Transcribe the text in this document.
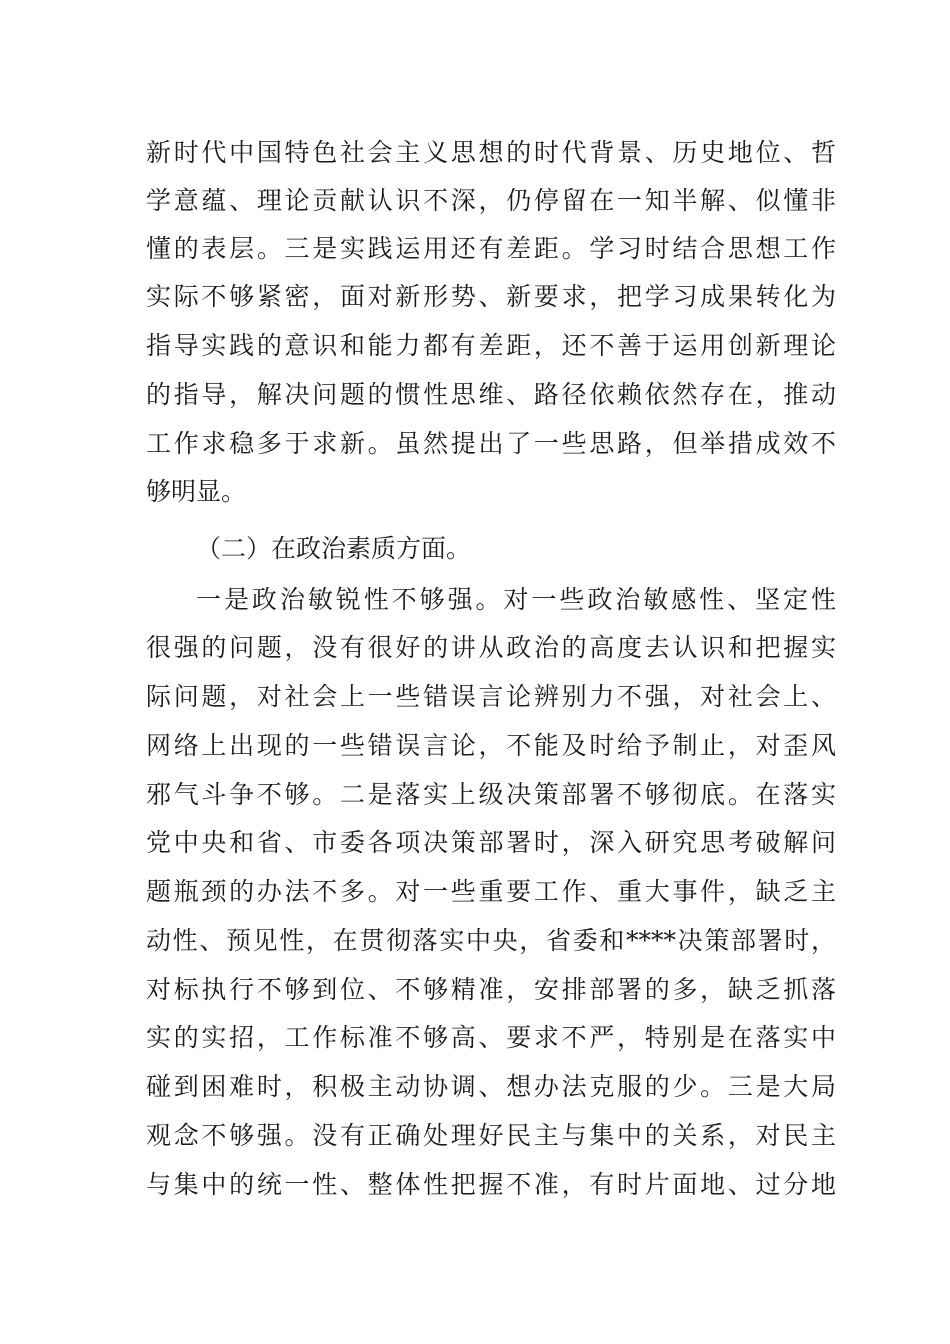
新时代中国特色社会主义思想的时代背景、历史地位、哲
学意蕴、理论贡献认识不深，仍停留在一知半解、似懂非
懂的表层。三是实践运用还有差距。学习时结合思想工作
实际不够紧密，面对新形势、新要求，把学习成果转化为
指导实践的意识和能力都有差距，还不善于运用创新理论
的指导，解决问题的惯性思维、路径依赖依然存在，推动
工作求稳多于求新。虽然提出了一些思路，但举措成效不
够明显。
（二）在政治素质方面。
一是政治敏锐性不够强。对一些政治敏感性、坚定性
很强的问题，没有很好的讲从政治的高度去认识和把握实
际问题，对社会上一些错误言论辨别力不强，对社会上、
网络上出现的一些错误言论，不能及时给予制止，对歪风
邪气斗争不够。二是落实上级决策部署不够彻底。在落实
党中央和省、市委各项决策部署时，深入研究思考破解问
题瓶颈的办法不多。对一些重要工作、重大事件，缺乏主
动性、预见性，在贯彻落实中央，省委和****决策部署时，
对标执行不够到位、不够精准，安排部署的多，缺乏抓落
实的实招，工作标准不够高、要求不严，特别是在落实中
碰到困难时，积极主动协调、想办法克服的少。三是大局
观念不够强。没有正确处理好民主与集中的关系，对民主
与集中的统一性、整体性把握不准，有时片面地、过分地
